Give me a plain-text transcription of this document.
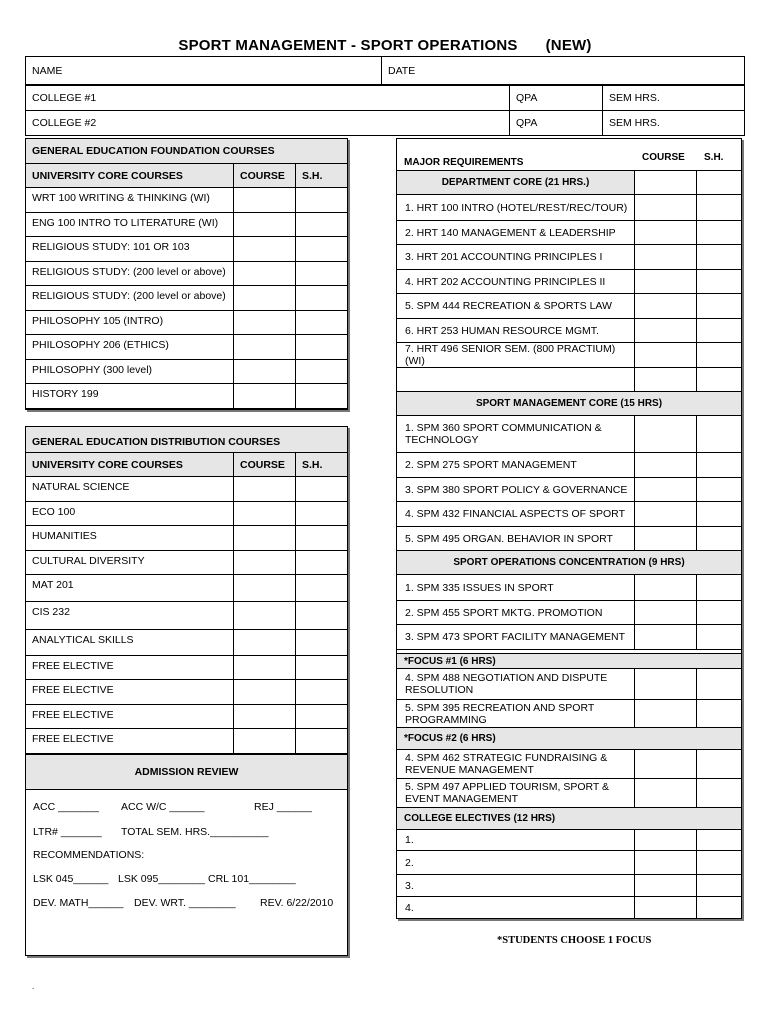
SPORT MANAGEMENT - SPORT OPERATIONS (NEW)
NAME	DATE
COLLEGE #1	QPA	SEM HRS.
COLLEGE #2	QPA	SEM HRS.
GENERAL EDUCATION FOUNDATION COURSES
UNIVERSITY CORE COURSES	COURSE S.H.
WRT 100 WRITING & THINKING (WI)
ENG 100 INTRO TO LITERATURE (WI)
RELIGIOUS STUDY: 101 OR 103
RELIGIOUS STUDY: (200 level or above)
RELIGIOUS STUDY: (200 level or above)
PHILOSOPHY 105 (INTRO)
PHILOSOPHY 206 (ETHICS)
PHILOSOPHY (300 level)
HISTORY 199
GENERAL EDUCATION DISTRIBUTION COURSES
UNIVERSITY CORE COURSES	COURSE S.H.
NATURAL SCIENCE
ECO 100
HUMANITIES
CULTURAL DIVERSITY
MAT 201
CIS 232
ANALYTICAL SKILLS
FREE ELECTIVE
FREE ELECTIVE
FREE ELECTIVE
FREE ELECTIVE
ADMISSION REVIEW
ACC _______ ACC W/C ______	REJ ______
LTR# _______ TOTAL SEM. HRS.__________
RECOMMENDATIONS:
LSK 045______ LSK 095________ CRL 101________
DEV. MATH______ DEV. WRT. ________ REV. 6/22/2010
MAJOR REQUIREMENTS	COURSE S.H.
DEPARTMENT CORE (21 HRS.)
1. HRT 100 INTRO (HOTEL/REST/REC/TOUR)
2. HRT 140 MANAGEMENT & LEADERSHIP
3. HRT 201 ACCOUNTING PRINCIPLES I
4. HRT 202 ACCOUNTING PRINCIPLES II
5. SPM 444 RECREATION & SPORTS LAW
6. HRT 253 HUMAN RESOURCE MGMT.
7. HRT 496 SENIOR SEM. (800 PRACTIUM) (WI)
SPORT MANAGEMENT CORE (15 HRS)
1. SPM 360 SPORT COMMUNICATION & TECHNOLOGY
2. SPM 275 SPORT MANAGEMENT
3. SPM 380 SPORT POLICY & GOVERNANCE
4. SPM 432 FINANCIAL ASPECTS OF SPORT
5. SPM 495 ORGAN. BEHAVIOR IN SPORT
SPORT OPERATIONS CONCENTRATION (9 HRS)
1. SPM 335 ISSUES IN SPORT
2. SPM 455 SPORT MKTG. PROMOTION
3. SPM 473 SPORT FACILITY MANAGEMENT
*FOCUS #1 (6 HRS)
4. SPM 488 NEGOTIATION AND DISPUTE RESOLUTION
5. SPM 395 RECREATION AND SPORT PROGRAMMING
*FOCUS #2 (6 HRS)
4. SPM 462 STRATEGIC FUNDRAISING & REVENUE MANAGEMENT
5. SPM 497 APPLIED TOURISM, SPORT & EVENT MANAGEMENT
COLLEGE ELECTIVES (12 HRS)
1.
2.
3.
4.
*STUDENTS CHOOSE 1 FOCUS
.
